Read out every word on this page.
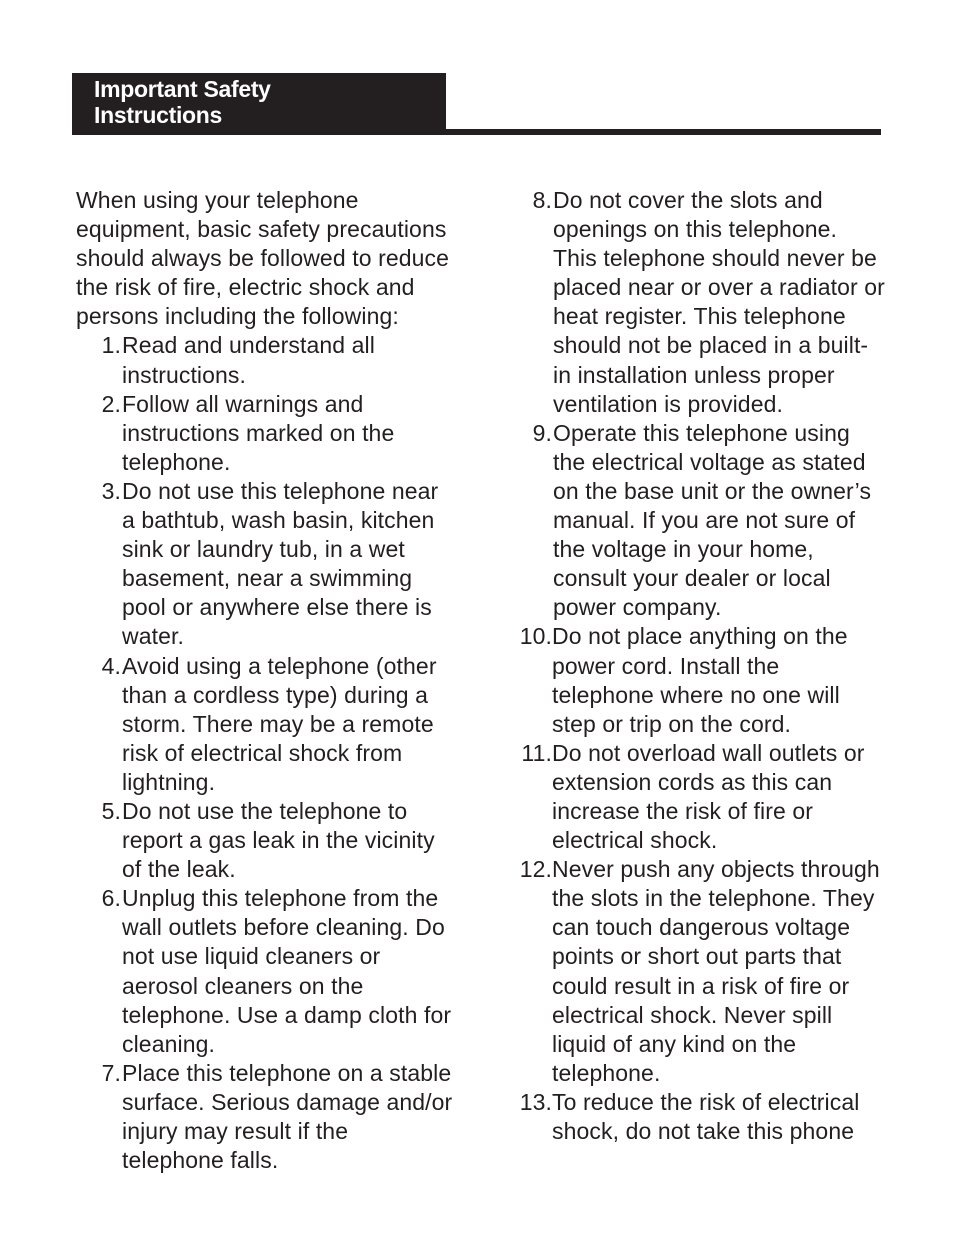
Important Safety
Instructions

When using your telephone equipment, basic safety precautions should always be followed to reduce the risk of fire, electric shock and persons including the following:

1. Read and understand all instructions.
2. Follow all warnings and instructions marked on the telephone.
3. Do not use this telephone near a bathtub, wash basin, kitchen sink or laundry tub, in a wet basement, near a swimming pool or anywhere else there is water.
4. Avoid using a telephone (other than a cordless type) during a storm. There may be a remote risk of electrical shock from lightning.
5. Do not use the telephone to report a gas leak in the vicinity of the leak.
6. Unplug this telephone from the wall outlets before cleaning. Do not use liquid cleaners or aerosol cleaners on the telephone. Use a damp cloth for cleaning.
7. Place this telephone on a stable surface. Serious damage and/or injury may result if the telephone falls.
8. Do not cover the slots and openings on this telephone. This telephone should never be placed near or over a radiator or heat register. This telephone should not be placed in a built-in installation unless proper ventilation is provided.
9. Operate this telephone using the electrical voltage as stated on the base unit or the owner’s manual. If you are not sure of the voltage in your home, consult your dealer or local power company.
10. Do not place anything on the power cord. Install the telephone where no one will step or trip on the cord.
11. Do not overload wall outlets or extension cords as this can increase the risk of fire or electrical shock.
12. Never push any objects through the slots in the telephone. They can touch dangerous voltage points or short out parts that could result in a risk of fire or electrical shock. Never spill liquid of any kind on the telephone.
13. To reduce the risk of electrical shock, do not take this phone
